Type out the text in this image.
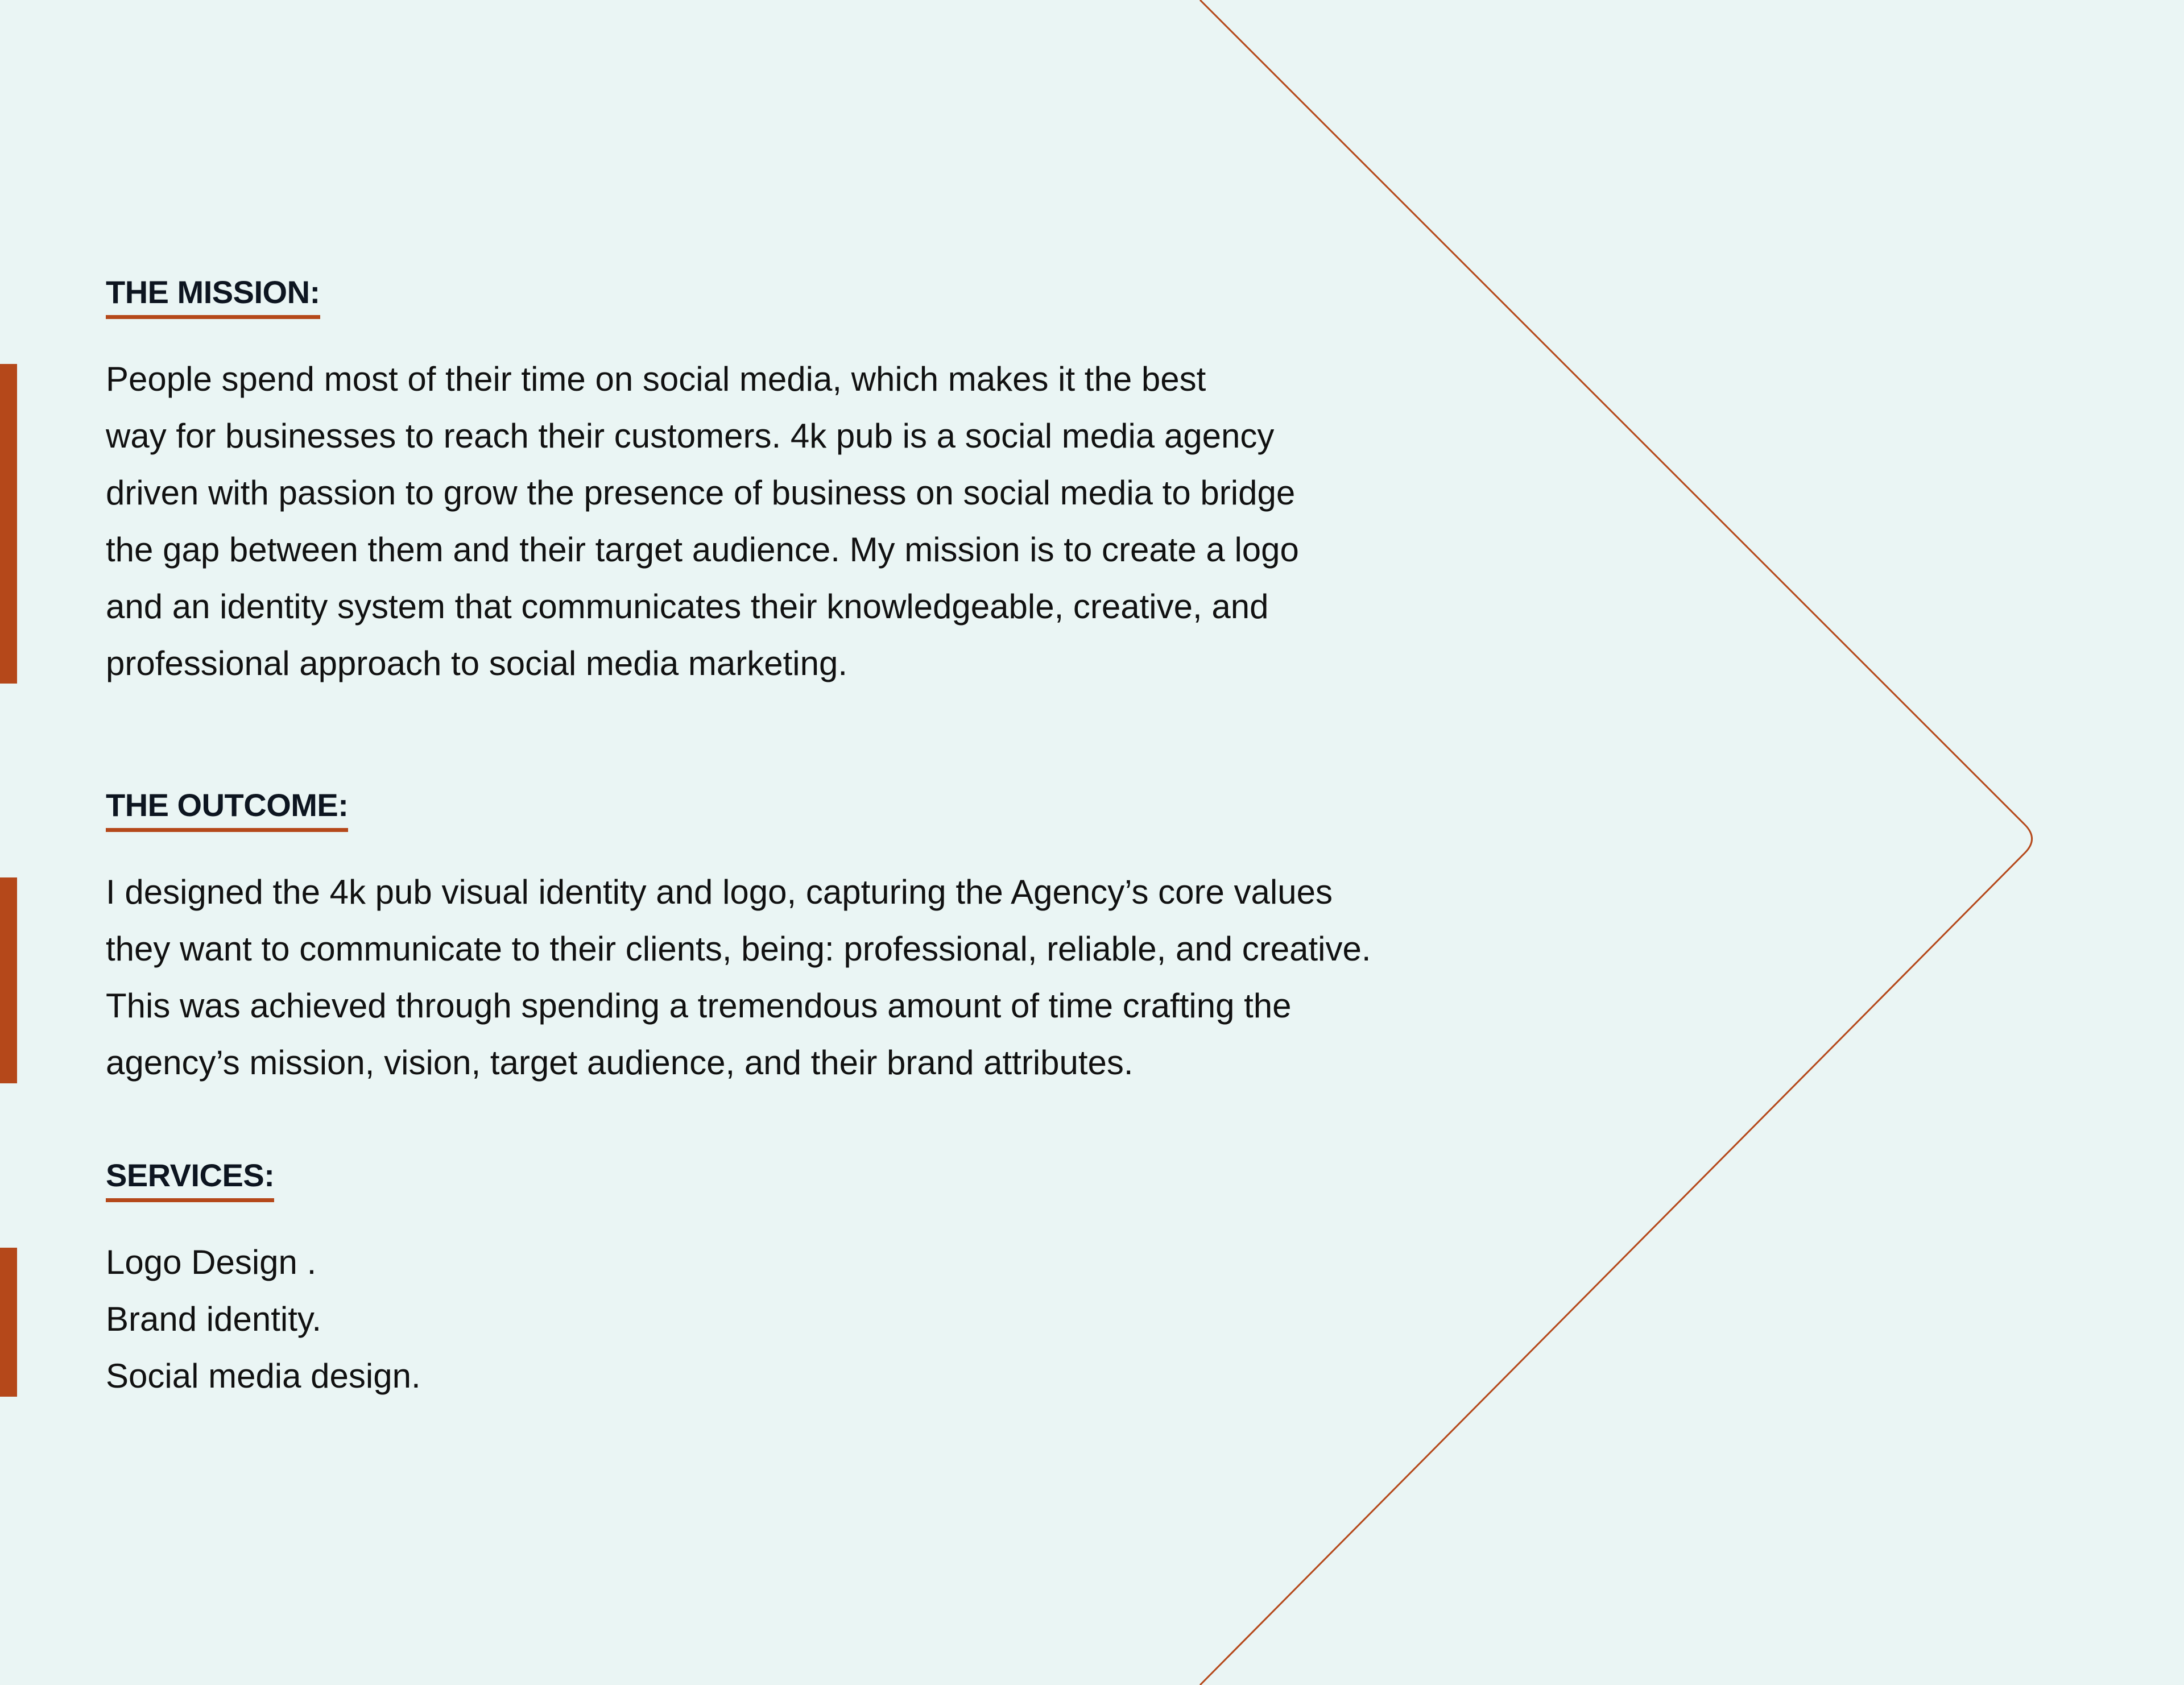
THE MISSION:

People spend most of their time on social media, which makes it the best
way for businesses to reach their customers. 4k pub is a social media agency
driven with passion to grow the presence of business on social media to bridge
the gap between them and their target audience. My mission is to create a logo
and an identity system that communicates their knowledgeable, creative, and
professional approach to social media marketing.

THE OUTCOME:

I designed the 4k pub visual identity and logo, capturing the Agency’s core values
they want to communicate to their clients, being: professional, reliable, and creative.
This was achieved through spending a tremendous amount of time crafting the
agency’s mission, vision, target audience, and their brand attributes.

SERVICES:
Logo Design .
Brand identity.
Social media design.
